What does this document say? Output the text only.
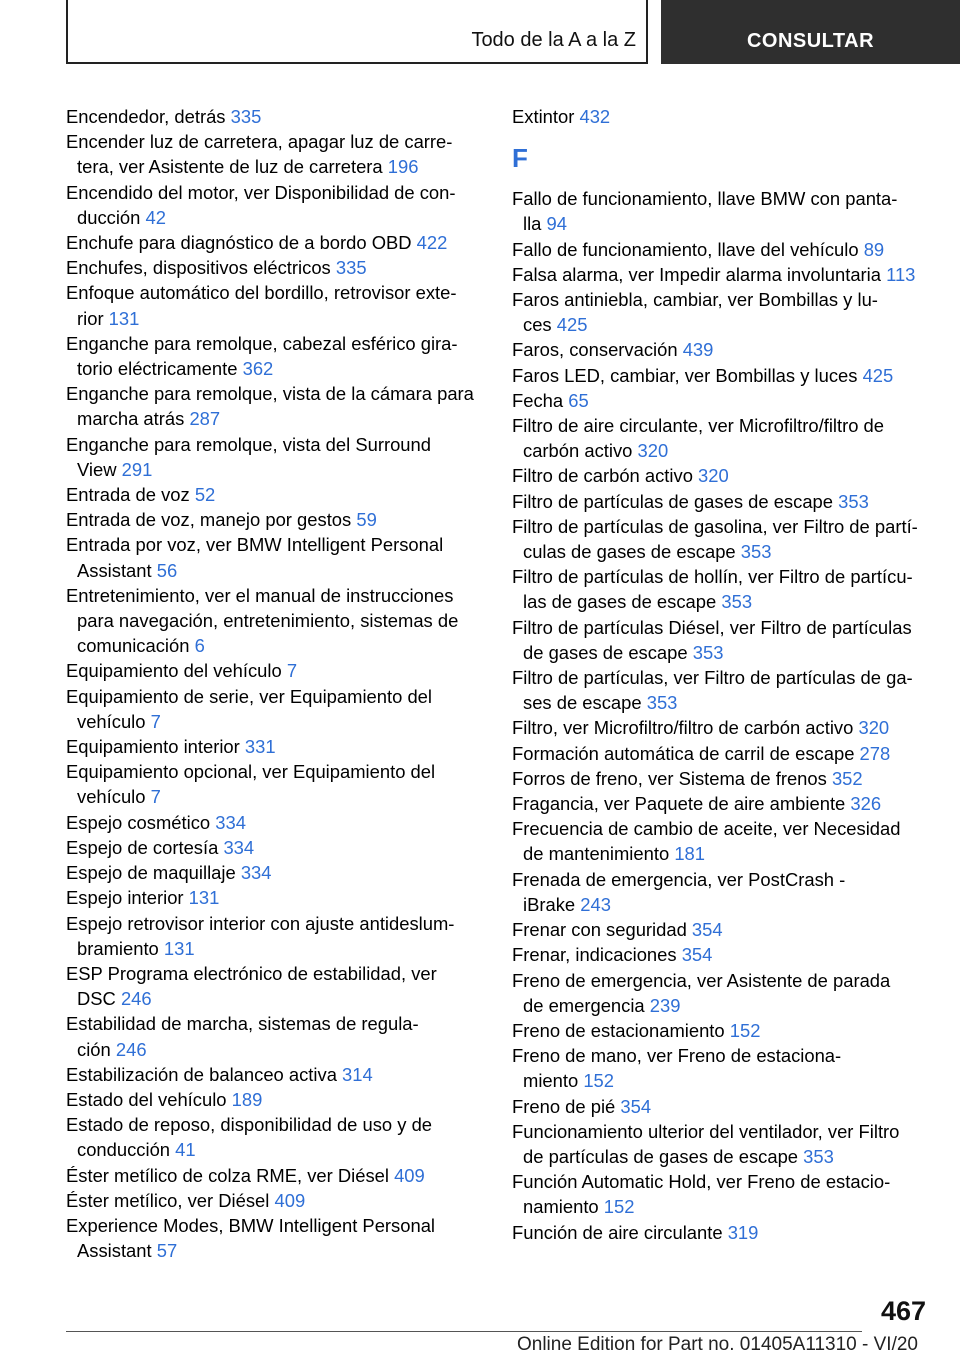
Todo de la A a la Z	CONSULTAR
Encendedor, detrás 335
Encender luz de carretera, apagar luz de carre-
tera, ver Asistente de luz de carretera 196
Encendido del motor, ver Disponibilidad de con-
ducción 42
Enchufe para diagnóstico de a bordo OBD 422
Enchufes, dispositivos eléctricos 335
Enfoque automático del bordillo, retrovisor exte-
rior 131
Enganche para remolque, cabezal esférico gira-
torio eléctricamente 362
Enganche para remolque, vista de la cámara para
marcha atrás 287
Enganche para remolque, vista del Surround
View 291
Entrada de voz 52
Entrada de voz, manejo por gestos 59
Entrada por voz, ver BMW Intelligent Personal
Assistant 56
Entretenimiento, ver el manual de instrucciones
para navegación, entretenimiento, sistemas de
comunicación 6
Equipamiento del vehículo 7
Equipamiento de serie, ver Equipamiento del
vehículo 7
Equipamiento interior 331
Equipamiento opcional, ver Equipamiento del
vehículo 7
Espejo cosmético 334
Espejo de cortesía 334
Espejo de maquillaje 334
Espejo interior 131
Espejo retrovisor interior con ajuste antideslum-
bramiento 131
ESP Programa electrónico de estabilidad, ver
DSC 246
Estabilidad de marcha, sistemas de regula-
ción 246
Estabilización de balanceo activa 314
Estado del vehículo 189
Estado de reposo, disponibilidad de uso y de
conducción 41
Éster metílico de colza RME, ver Diésel 409
Éster metílico, ver Diésel 409
Experience Modes, BMW Intelligent Personal
Assistant 57
Extintor 432
F
Fallo de funcionamiento, llave BMW con panta-
lla 94
Fallo de funcionamiento, llave del vehículo 89
Falsa alarma, ver Impedir alarma involuntaria 113
Faros antiniebla, cambiar, ver Bombillas y lu-
ces 425
Faros, conservación 439
Faros LED, cambiar, ver Bombillas y luces 425
Fecha 65
Filtro de aire circulante, ver Microfiltro/filtro de
carbón activo 320
Filtro de carbón activo 320
Filtro de partículas de gases de escape 353
Filtro de partículas de gasolina, ver Filtro de partí-
culas de gases de escape 353
Filtro de partículas de hollín, ver Filtro de partícu-
las de gases de escape 353
Filtro de partículas Diésel, ver Filtro de partículas
de gases de escape 353
Filtro de partículas, ver Filtro de partículas de ga-
ses de escape 353
Filtro, ver Microfiltro/filtro de carbón activo 320
Formación automática de carril de escape 278
Forros de freno, ver Sistema de frenos 352
Fragancia, ver Paquete de aire ambiente 326
Frecuencia de cambio de aceite, ver Necesidad
de mantenimiento 181
Frenada de emergencia, ver PostCrash -
iBrake 243
Frenar con seguridad 354
Frenar, indicaciones 354
Freno de emergencia, ver Asistente de parada
de emergencia 239
Freno de estacionamiento 152
Freno de mano, ver Freno de estaciona-
miento 152
Freno de pié 354
Funcionamiento ulterior del ventilador, ver Filtro
de partículas de gases de escape 353
Función Automatic Hold, ver Freno de estacio-
namiento 152
Función de aire circulante 319
467
Online Edition for Part no. 01405A11310 - VI/20
